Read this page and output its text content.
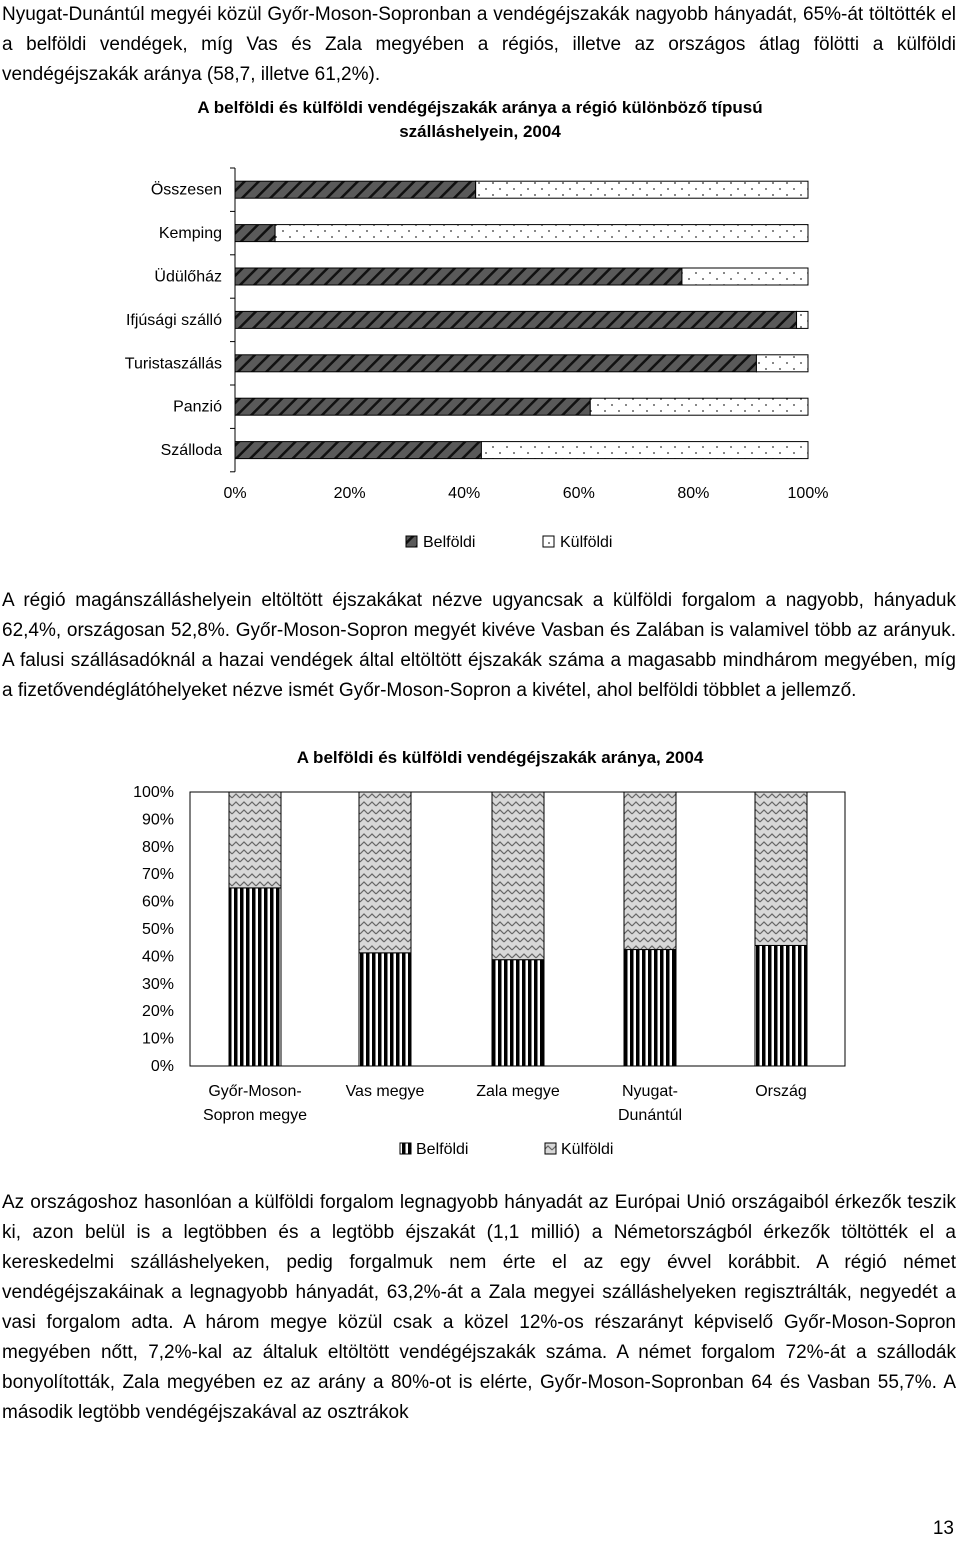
Nyugat-Dunántúl megyéi közül Győr-Moson-Sopronban a vendégéjszakák nagyobb hányadát, 65%-át töltötték el a belföldi vendégek, míg Vas és Zala megyében a régiós, illetve az országos átlag fölötti a külföldi vendégéjszakák aránya (58,7, illetve 61,2%).

A belföldi és külföldi vendégéjszakák aránya a régió különböző típusú szálláshelyein, 2004
Összesen
Kemping
Üdülőház
Ifjúsági szálló
Turistaszállás
Panzió
Szálloda
0%	20%	40%	60%	80%	100%
Belföldi	Külföldi

A régió magánszálláshelyein eltöltött éjszakákat nézve ugyancsak a külföldi forgalom a nagyobb, hányaduk 62,4%, országosan 52,8%. Győr-Moson-Sopron megyét kivéve Vasban és Zalában is valamivel több az arányuk. A falusi szállásadóknál a hazai vendégek által eltöltött éjszakák száma a magasabb mindhárom megyében, míg a fizetővendéglátóhelyeket nézve ismét Győr-Moson-Sopron a kivétel, ahol belföldi többlet a jellemző.

A belföldi és külföldi vendégéjszakák aránya, 2004
0%
10%
20%
30%
40%
50%
60%
70%
80%
90%
100%
Győr-Moson-Sopron megye
Vas megye	Zala megye	Nyugat-Dunántúl
Ország
Belföldi	Külföldi

Az országoshoz hasonlóan a külföldi forgalom legnagyobb hányadát az Európai Unió országaiból érkezők teszik ki, azon belül is a legtöbben és a legtöbb éjszakát (1,1 millió) a Németországból érkezők töltötték el a kereskedelmi szálláshelyeken, pedig forgalmuk nem érte el az egy évvel korábbit. A régió német vendégéjszakáinak a legnagyobb hányadát, 63,2%-át a Zala megyei szálláshelyeken regisztrálták, negyedét a vasi forgalom adta. A három megye közül csak a közel 12%-os részarányt képviselő Győr-Moson-Sopron megyében nőtt, 7,2%-kal az általuk eltöltött vendégéjszakák száma. A német forgalom 72%-át a szállodák bonyolították, Zala megyében ez az arány a 80%-ot is elérte, Győr-Moson-Sopronban 64 és Vasban 55,7%. A második legtöbb vendégéjszakával az osztrákok

13
